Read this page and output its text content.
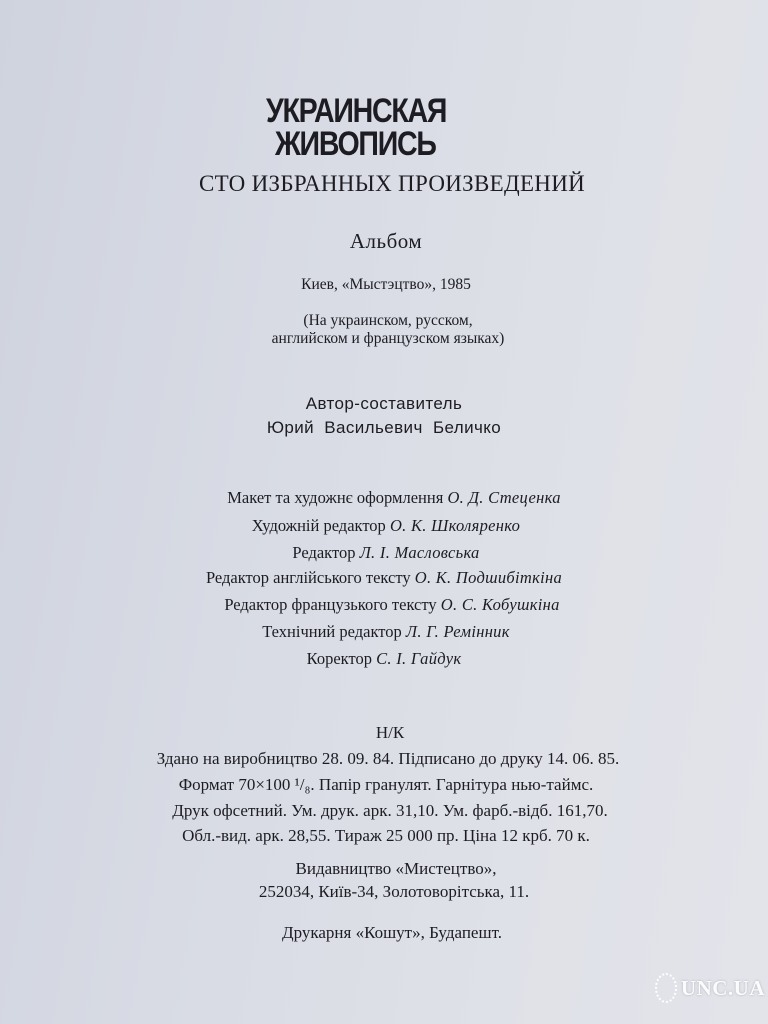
УКРАИНСКАЯ
ЖИВОПИСЬ
СТО ИЗБРАННЫХ ПРОИЗВЕДЕНИЙ
Альбом
Киев, «Мыстэцтво», 1985
(На украинском, русском,
английском и французском языках)
Автор-составитель
Юрий  Васильевич  Беличко
Макет та художнє оформлення О. Д. Стеценка
Художній редактор О. К. Школяренко
Редактор Л. І. Масловська
Редактор англійського тексту О. К. Подшибіткіна
Редактор французького тексту О. С. Кобушкіна
Технічний редактор Л. Г. Ремінник
Коректор С. І. Гайдук
Н/К
Здано на виробництво 28. 09. 84. Підписано до друку 14. 06. 85.
Формат 70×100 ¹/₈. Папір гранулят. Гарнітура нью-таймс.
Друк офсетний. Ум. друк. арк. 31,10. Ум. фарб.-відб. 161,70.
Обл.-вид. арк. 28,55. Тираж 25 000 пр. Ціна 12 крб. 70 к.
Видавництво «Мистецтво»,
252034, Київ-34, Золотоворітська, 11.
Друкарня «Кошут», Будапешт.
UNC.UA
